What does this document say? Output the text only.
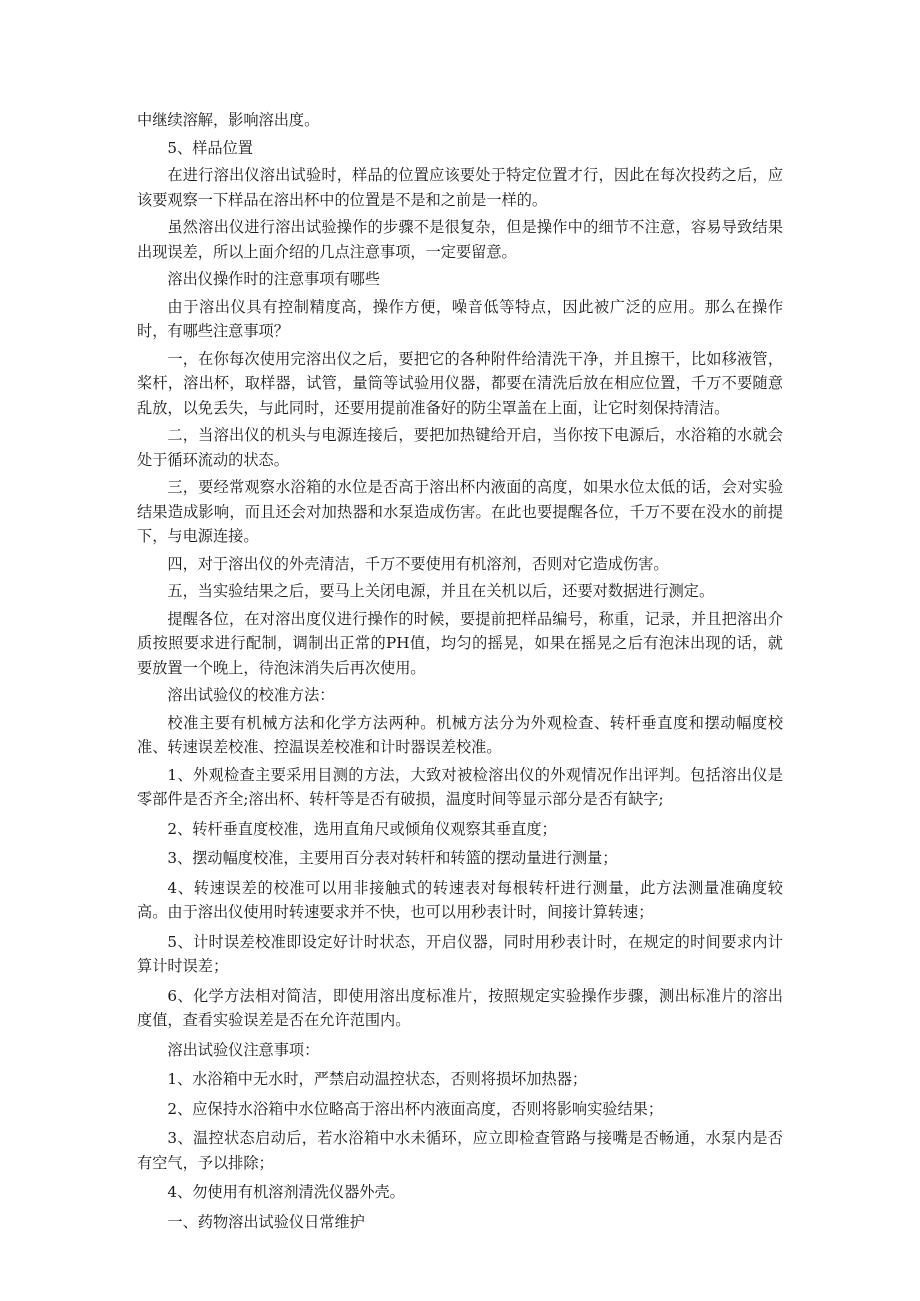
中继续溶解，影响溶出度。

5、样品位置

在进行溶出仪溶出试验时，样品的位置应该要处于特定位置才行，因此在每次投药之后，应该要观察一下样品在溶出杯中的位置是不是和之前是一样的。

虽然溶出仪进行溶出试验操作的步骤不是很复杂，但是操作中的细节不注意，容易导致结果出现误差，所以上面介绍的几点注意事项，一定要留意。

溶出仪操作时的注意事项有哪些

由于溶出仪具有控制精度高，操作方便，噪音低等特点，因此被广泛的应用。那么在操作时，有哪些注意事项？

一，在你每次使用完溶出仪之后，要把它的各种附件给清洗干净，并且擦干，比如移液管，桨杆，溶出杯，取样器，试管，量筒等试验用仪器，都要在清洗后放在相应位置，千万不要随意乱放，以免丢失，与此同时，还要用提前准备好的防尘罩盖在上面，让它时刻保持清洁。

二，当溶出仪的机头与电源连接后，要把加热键给开启，当你按下电源后，水浴箱的水就会处于循环流动的状态。

三，要经常观察水浴箱的水位是否高于溶出杯内液面的高度，如果水位太低的话，会对实验结果造成影响，而且还会对加热器和水泵造成伤害。在此也要提醒各位，千万不要在没水的前提下，与电源连接。

四，对于溶出仪的外壳清洁，千万不要使用有机溶剂，否则对它造成伤害。

五，当实验结果之后，要马上关闭电源，并且在关机以后，还要对数据进行测定。

提醒各位，在对溶出度仪进行操作的时候，要提前把样品编号，称重，记录，并且把溶出介质按照要求进行配制，调制出正常的PH值，均匀的摇晃，如果在摇晃之后有泡沫出现的话，就要放置一个晚上，待泡沫消失后再次使用。

溶出试验仪的校准方法：

校准主要有机械方法和化学方法两种。机械方法分为外观检查、转杆垂直度和摆动幅度校准、转速误差校准、控温误差校准和计时器误差校准。

1、外观检查主要采用目测的方法，大致对被检溶出仪的外观情况作出评判。包括溶出仪是零部件是否齐全;溶出杯、转杆等是否有破损，温度时间等显示部分是否有缺字;

2、转杆垂直度校准，选用直角尺或倾角仪观察其垂直度；

3、摆动幅度校准，主要用百分表对转杆和转篮的摆动量进行测量；

4、转速误差的校准可以用非接触式的转速表对每根转杆进行测量，此方法测量准确度较高。由于溶出仪使用时转速要求并不快，也可以用秒表计时，间接计算转速；

5、计时误差校准即设定好计时状态，开启仪器，同时用秒表计时，在规定的时间要求内计算计时误差；

6、化学方法相对简洁，即使用溶出度标准片，按照规定实验操作步骤，测出标准片的溶出度值，查看实验误差是否在允许范围内。

溶出试验仪注意事项：

1、水浴箱中无水时，严禁启动温控状态，否则将损坏加热器；

2、应保持水浴箱中水位略高于溶出杯内液面高度，否则将影响实验结果；

3、温控状态启动后，若水浴箱中水未循环，应立即检查管路与接嘴是否畅通，水泵内是否有空气，予以排除；

4、勿使用有机溶剂清洗仪器外壳。

一、药物溶出试验仪日常维护
